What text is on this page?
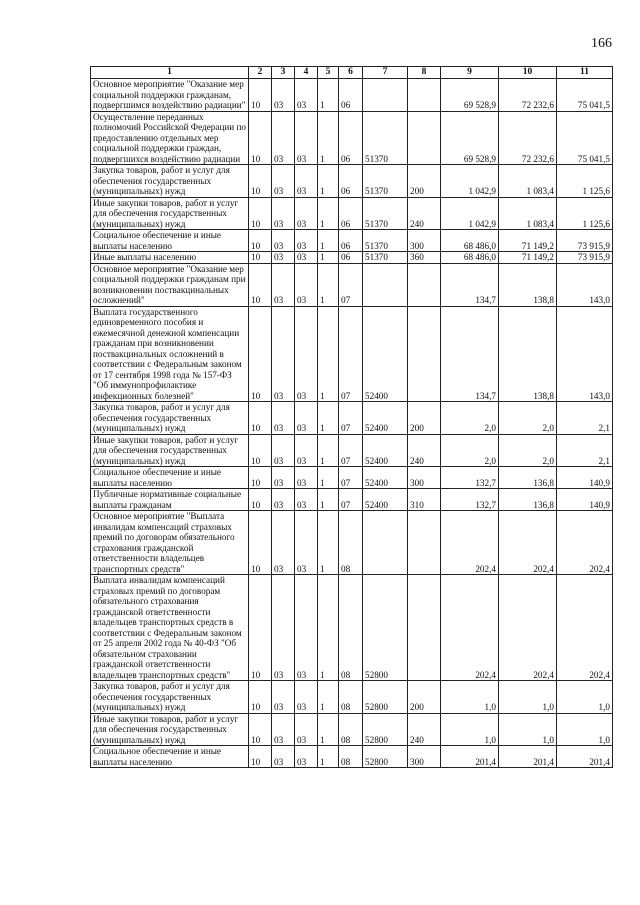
166
1	2	3	4	5	6	7	8	9	10	11
Основное мероприятие "Оказание мер социальной поддержки гражданам, подвергшимся воздействию радиации"	10	03	03	1	06			69 528,9	72 232,6	75 041,5
Осуществление переданных полномочий Российской Федерации по предоставлению отдельных мер социальной поддержки граждан, подвергшихся воздействию радиации	10	03	03	1	06	51370		69 528,9	72 232,6	75 041,5
Закупка товаров, работ и услуг для обеспечения государственных (муниципальных) нужд	10	03	03	1	06	51370	200	1 042,9	1 083,4	1 125,6
Иные закупки товаров, работ и услуг для обеспечения государственных (муниципальных) нужд	10	03	03	1	06	51370	240	1 042,9	1 083,4	1 125,6
Социальное обеспечение и иные выплаты населению	10	03	03	1	06	51370	300	68 486,0	71 149,2	73 915,9
Иные выплаты населению	10	03	03	1	06	51370	360	68 486,0	71 149,2	73 915,9
Основное мероприятие "Оказание мер социальной поддержки гражданам при возникновении поствакцинальных осложнений"	10	03	03	1	07			134,7	138,8	143,0
Выплата государственного единовременного пособия и ежемесячной денежной компенсации гражданам при возникновении поствакцинальных осложнений в соответствии с Федеральным законом от 17 сентября 1998 года № 157-ФЗ "Об иммунопрофилактике инфекционных болезней"	10	03	03	1	07	52400		134,7	138,8	143,0
Закупка товаров, работ и услуг для обеспечения государственных (муниципальных) нужд	10	03	03	1	07	52400	200	2,0	2,0	2,1
Иные закупки товаров, работ и услуг для обеспечения государственных (муниципальных) нужд	10	03	03	1	07	52400	240	2,0	2,0	2,1
Социальное обеспечение и иные выплаты населению	10	03	03	1	07	52400	300	132,7	136,8	140,9
Публичные нормативные социальные выплаты гражданам	10	03	03	1	07	52400	310	132,7	136,8	140,9
Основное мероприятие "Выплата инвалидам компенсаций страховых премий по договорам обязательного страхования гражданской ответственности владельцев транспортных средств"	10	03	03	1	08			202,4	202,4	202,4
Выплата инвалидам компенсаций страховых премий по договорам обязательного страхования гражданской ответственности владельцев транспортных средств в соответствии с Федеральным законом от 25 апреля 2002 года № 40-ФЗ "Об обязательном страховании гражданской ответственности владельцев транспортных средств"	10	03	03	1	08	52800		202,4	202,4	202,4
Закупка товаров, работ и услуг для обеспечения государственных (муниципальных) нужд	10	03	03	1	08	52800	200	1,0	1,0	1,0
Иные закупки товаров, работ и услуг для обеспечения государственных (муниципальных) нужд	10	03	03	1	08	52800	240	1,0	1,0	1,0
Социальное обеспечение и иные выплаты населению	10	03	03	1	08	52800	300	201,4	201,4	201,4
